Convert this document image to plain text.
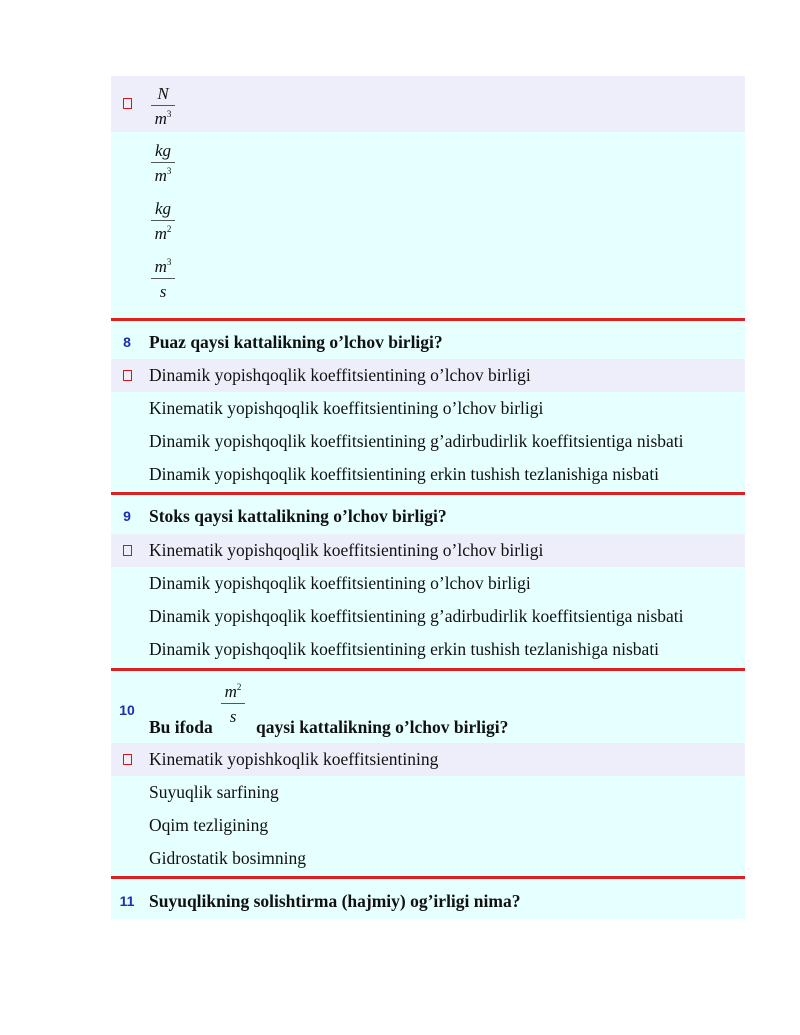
N
$m^3$
kg
$m^3$
kg
$m^2$
$m^3$
s
8	Puaz qaysi kattalikning o’lchov birligi?
Dinamik yopishqoqlik koeffitsientining o’lchov birligi
Kinematik yopishqoqlik koeffitsientining o’lchov birligi
Dinamik yopishqoqlik koeffitsientining g’adirbudirlik koeffitsientiga nisbati
Dinamik yopishqoqlik koeffitsientining erkin tushish tezlanishiga nisbati
9	Stoks qaysi kattalikning o’lchov birligi?
Kinematik yopishqoqlik koeffitsientining o’lchov birligi
Dinamik yopishqoqlik koeffitsientining o’lchov birligi
Dinamik yopishqoqlik koeffitsientining g’adirbudirlik koeffitsientiga nisbati
Dinamik yopishqoqlik koeffitsientining erkin tushish tezlanishiga nisbati
10
Bu ifoda
$m^2$
s
qaysi kattalikning o’lchov birligi?
Kinematik yopishkoqlik koeffitsientining
Suyuqlik sarfining
Oqim tezligining
Gidrostatik bosimning
11 Suyuqlikning solishtirma (hajmiy) og’irligi nima?
